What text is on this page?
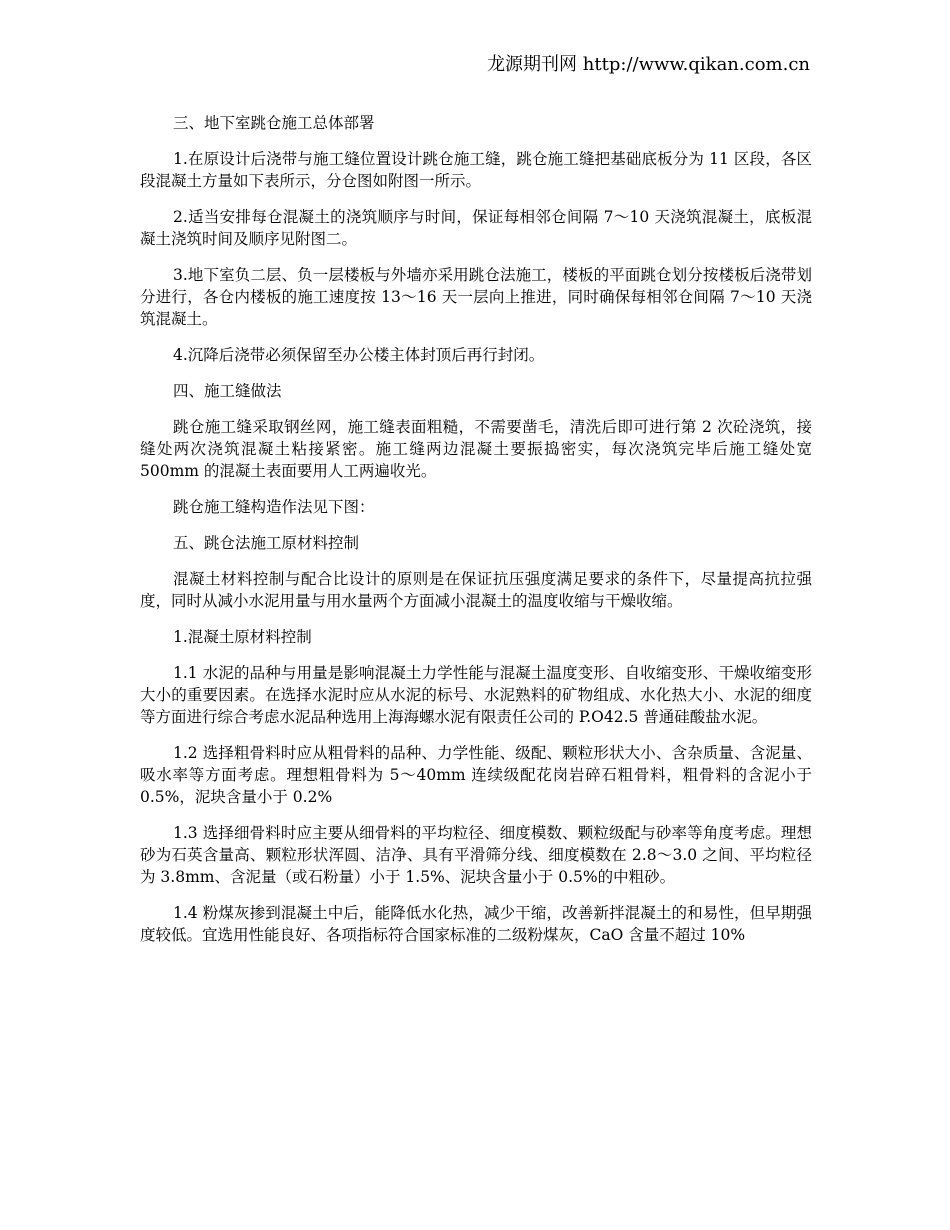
龙源期刊网 http://www.qikan.com.cn

三、地下室跳仓施工总体部署

1.在原设计后浇带与施工缝位置设计跳仓施工缝，跳仓施工缝把基础底板分为 11 区段，各区段混凝土方量如下表所示，分仓图如附图一所示。

2.适当安排每仓混凝土的浇筑顺序与时间，保证每相邻仓间隔 7～10 天浇筑混凝土，底板混凝土浇筑时间及顺序见附图二。

3.地下室负二层、负一层楼板与外墙亦采用跳仓法施工，楼板的平面跳仓划分按楼板后浇带划分进行，各仓内楼板的施工速度按 13～16 天一层向上推进，同时确保每相邻仓间隔 7～10 天浇筑混凝土。

4.沉降后浇带必须保留至办公楼主体封顶后再行封闭。

四、施工缝做法

跳仓施工缝采取钢丝网，施工缝表面粗糙，不需要凿毛，清洗后即可进行第 2 次砼浇筑，接缝处两次浇筑混凝土粘接紧密。施工缝两边混凝土要振捣密实，每次浇筑完毕后施工缝处宽 500mm 的混凝土表面要用人工两遍收光。

跳仓施工缝构造作法见下图：

五、跳仓法施工原材料控制

混凝土材料控制与配合比设计的原则是在保证抗压强度满足要求的条件下，尽量提高抗拉强度，同时从减小水泥用量与用水量两个方面减小混凝土的温度收缩与干燥收缩。

1.混凝土原材料控制

1.1 水泥的品种与用量是影响混凝土力学性能与混凝土温度变形、自收缩变形、干燥收缩变形大小的重要因素。在选择水泥时应从水泥的标号、水泥熟料的矿物组成、水化热大小、水泥的细度等方面进行综合考虑水泥品种选用上海海螺水泥有限责任公司的 P.O42.5 普通硅酸盐水泥。

1.2 选择粗骨料时应从粗骨料的品种、力学性能、级配、颗粒形状大小、含杂质量、含泥量、吸水率等方面考虑。理想粗骨料为 5～40mm 连续级配花岗岩碎石粗骨料，粗骨料的含泥小于 0.5%，泥块含量小于 0.2%

1.3 选择细骨料时应主要从细骨料的平均粒径、细度模数、颗粒级配与砂率等角度考虑。理想砂为石英含量高、颗粒形状浑圆、洁净、具有平滑筛分线、细度模数在 2.8～3.0 之间、平均粒径为 3.8mm、含泥量（或石粉量）小于 1.5%、泥块含量小于 0.5%的中粗砂。

1.4 粉煤灰掺到混凝土中后，能降低水化热，减少干缩，改善新拌混凝土的和易性，但早期强度较低。宜选用性能良好、各项指标符合国家标准的二级粉煤灰，CaO 含量不超过 10%
